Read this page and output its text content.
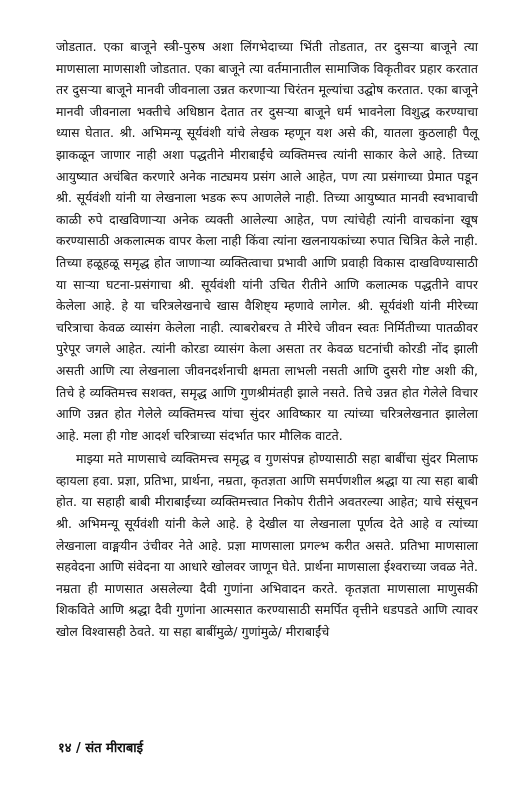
जोडतात. एका बाजूने स्त्री-पुरुष अशा लिंगभेदाच्या भिंती तोडतात, तर दुसऱ्या बाजूने त्या माणसाला माणसाशी जोडतात. एका बाजूने त्या वर्तमानातील सामाजिक विकृतीवर प्रहार करतात तर दुसऱ्या बाजूने मानवी जीवनाला उन्नत करणाऱ्या चिरंतन मूल्यांचा उद्घोष करतात. एका बाजूने मानवी जीवनाला भक्तीचे अधिष्ठान देतात तर दुसऱ्या बाजूने धर्म भावनेला विशुद्ध करण्याचा ध्यास घेतात. श्री. अभिमन्यू सूर्यवंशी यांचे लेखक म्हणून यश असे की, यातला कुठलाही पैलू झाकळून जाणार नाही अशा पद्धतीने मीराबाईंचे व्यक्तिमत्त्व त्यांनी साकार केले आहे. तिच्या आयुष्यात अचंबित करणारे अनेक नाट्यमय प्रसंग आले आहेत, पण त्या प्रसंगाच्या प्रेमात पडून श्री. सूर्यवंशी यांनी या लेखनाला भडक रूप आणलेले नाही. तिच्या आयुष्यात मानवी स्वभावाची काळी रुपे दाखविणाऱ्या अनेक व्यक्ती आलेल्या आहेत, पण त्यांचेही त्यांनी वाचकांना खूष करण्यासाठी अकलात्मक वापर केला नाही किंवा त्यांना खलनायकांच्या रुपात चित्रित केले नाही. तिच्या हळूहळू समृद्ध होत जाणाऱ्या व्यक्तित्वाचा प्रभावी आणि प्रवाही विकास दाखविण्यासाठी या साऱ्या घटना-प्रसंगाचा श्री. सूर्यवंशी यांनी उचित रीतीने आणि कलात्मक पद्धतीने वापर केलेला आहे. हे या चरित्रलेखनाचे खास वैशिष्ट्य म्हणावे लागेल. श्री. सूर्यवंशी यांनी मीरेच्या चरित्राचा केवळ व्यासंग केलेला नाही. त्याबरोबरच ते मीरेचे जीवन स्वतः निर्मितीच्या पातळीवर पुरेपूर जगले आहेत. त्यांनी कोरडा व्यासंग केला असता तर केवळ घटनांची कोरडी नोंद झाली असती आणि त्या लेखनाला जीवनदर्शनाची क्षमता लाभली नसती आणि दुसरी गोष्ट अशी की, तिचे हे व्यक्तिमत्त्व सशक्त, समृद्ध आणि गुणश्रीमंतही झाले नसते. तिचे उन्नत होत गेलेले विचार आणि उन्नत होत गेलेले व्यक्तिमत्त्व यांचा सुंदर आविष्कार या त्यांच्या चरित्रलेखनात झालेला आहे. मला ही गोष्ट आदर्श चरित्राच्या संदर्भात फार मौलिक वाटते.

माझ्या मते माणसाचे व्यक्तिमत्त्व समृद्ध व गुणसंपन्न होण्यासाठी सहा बाबींचा सुंदर मिलाफ व्हायला हवा. प्रज्ञा, प्रतिभा, प्रार्थना, नम्रता, कृतज्ञता आणि समर्पणशील श्रद्धा या त्या सहा बाबी होत. या सहाही बाबी मीराबाईंच्या व्यक्तिमत्त्वात निकोप रीतीने अवतरल्या आहेत; याचे संसूचन श्री. अभिमन्यू सूर्यवंशी यांनी केले आहे. हे देखील या लेखनाला पूर्णत्व देते आहे व त्यांच्या लेखनाला वाङ्मयीन उंचीवर नेते आहे. प्रज्ञा माणसाला प्रगल्भ करीत असते. प्रतिभा माणसाला सहवेदना आणि संवेदना या आधारे खोलवर जाणून घेते. प्रार्थना माणसाला ईश्वराच्या जवळ नेते. नम्रता ही माणसात असलेल्या दैवी गुणांना अभिवादन करते. कृतज्ञता माणसाला माणुसकी शिकविते आणि श्रद्धा दैवी गुणांना आत्मसात करण्यासाठी समर्पित वृत्तीने धडपडते आणि त्यावर खोल विश्वासही ठेवते. या सहा बाबींमुळे/ गुणांमुळे/ मीराबाईंचे

१४ / संत मीराबाई
